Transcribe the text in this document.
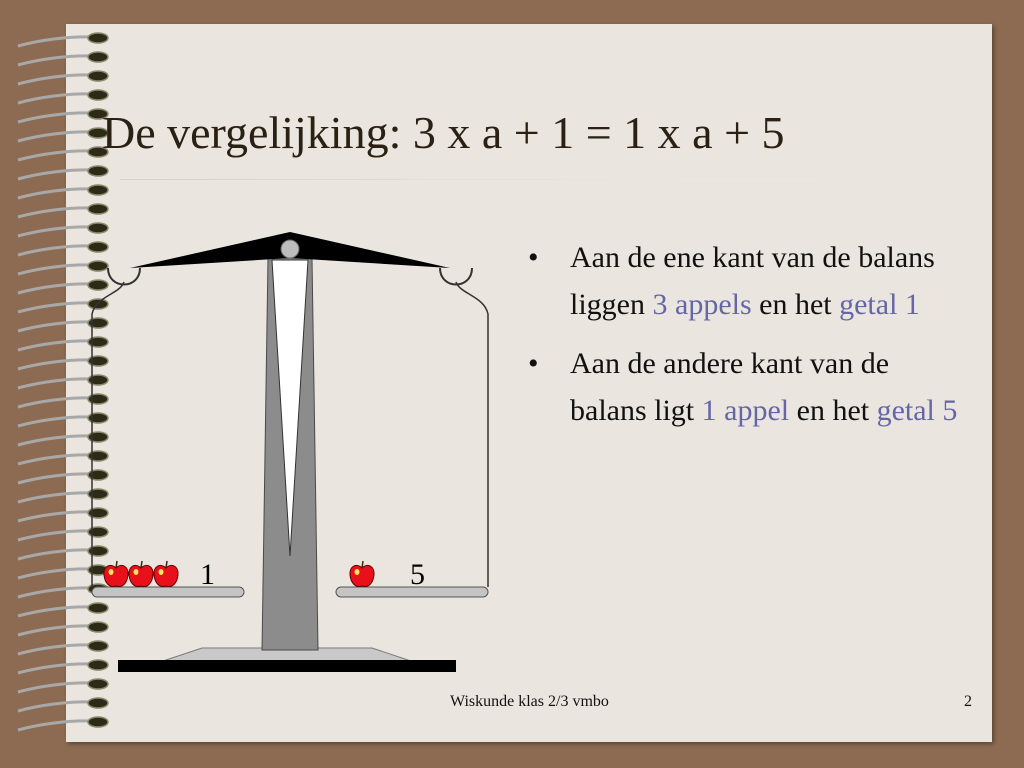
De vergelijking: 3 x a + 1 = 1 x a + 5
1	5
• Aan de ene kant van de balans liggen 3 appels en het getal 1
• Aan de andere kant van de balans ligt 1 appel en het getal 5
Wiskunde klas 2/3 vmbo	2
